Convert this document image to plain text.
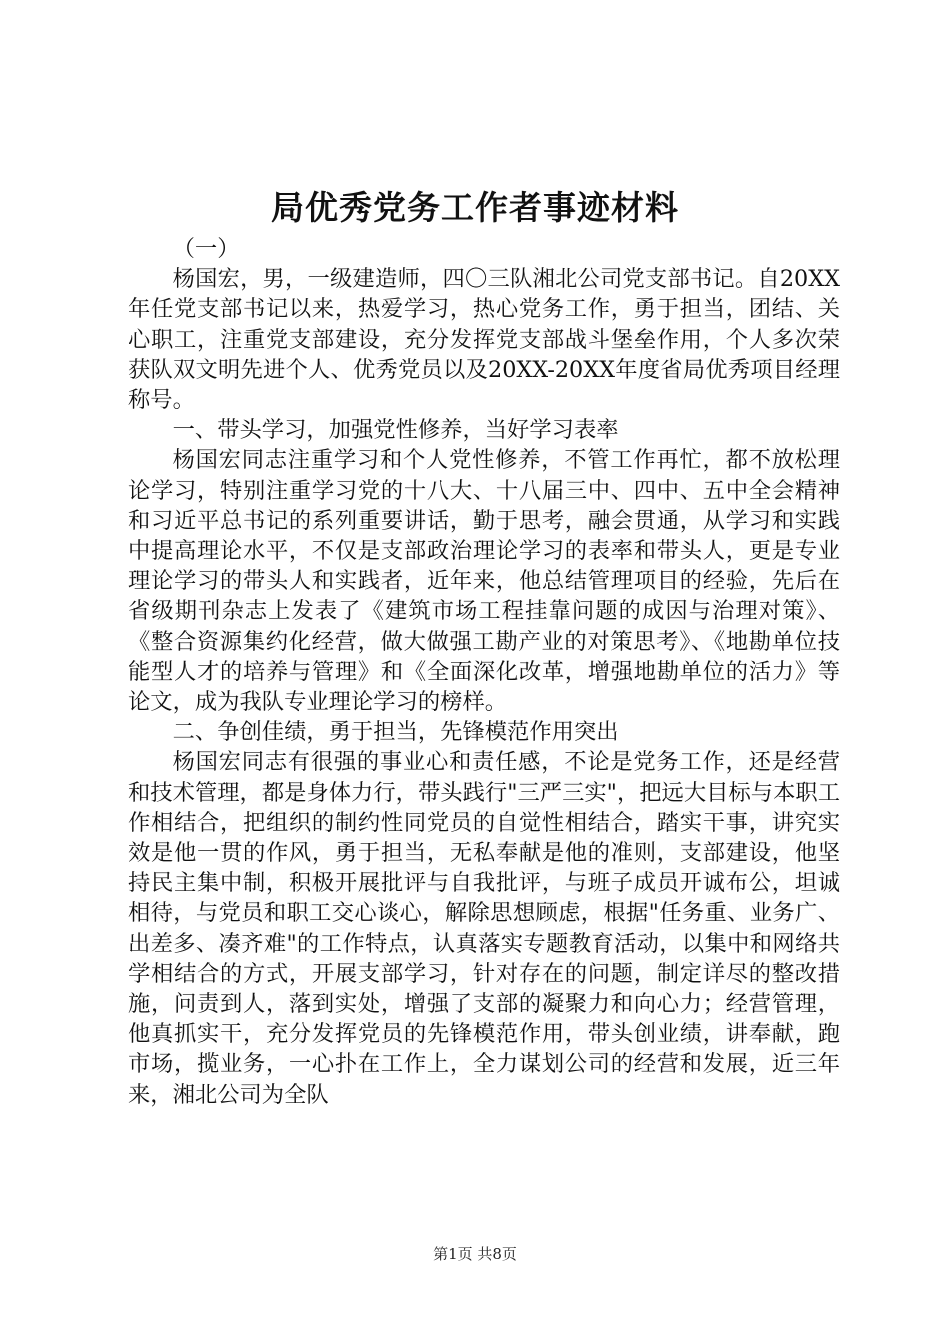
局优秀党务工作者事迹材料

（一）

杨国宏，男，一级建造师，四〇三队湘北公司党支部书记。自20XX年任党支部书记以来，热爱学习，热心党务工作，勇于担当，团结、关心职工，注重党支部建设，充分发挥党支部战斗堡垒作用，个人多次荣获队双文明先进个人、优秀党员以及20XX-20XX年度省局优秀项目经理称号。

一、带头学习，加强党性修养，当好学习表率

杨国宏同志注重学习和个人党性修养，不管工作再忙，都不放松理论学习，特别注重学习党的十八大、十八届三中、四中、五中全会精神和习近平总书记的系列重要讲话，勤于思考，融会贯通，从学习和实践中提高理论水平，不仅是支部政治理论学习的表率和带头人，更是专业理论学习的带头人和实践者，近年来，他总结管理项目的经验，先后在省级期刊杂志上发表了《建筑市场工程挂靠问题的成因与治理对策》、《整合资源集约化经营，做大做强工勘产业的对策思考》、《地勘单位技能型人才的培养与管理》和《全面深化改革，增强地勘单位的活力》等论文，成为我队专业理论学习的榜样。

二、争创佳绩，勇于担当，先锋模范作用突出

杨国宏同志有很强的事业心和责任感，不论是党务工作，还是经营和技术管理，都是身体力行，带头践行"三严三实"，把远大目标与本职工作相结合，把组织的制约性同党员的自觉性相结合，踏实干事，讲究实效是他一贯的作风，勇于担当，无私奉献是他的准则，支部建设，他坚持民主集中制，积极开展批评与自我批评，与班子成员开诚布公，坦诚相待，与党员和职工交心谈心，解除思想顾虑，根据"任务重、业务广、出差多、凑齐难"的工作特点，认真落实专题教育活动，以集中和网络共学相结合的方式，开展支部学习，针对存在的问题，制定详尽的整改措施，问责到人，落到实处，增强了支部的凝聚力和向心力；经营管理，他真抓实干，充分发挥党员的先锋模范作用，带头创业绩，讲奉献，跑市场，揽业务，一心扑在工作上，全力谋划公司的经营和发展，近三年来，湘北公司为全队

第1页 共8页
